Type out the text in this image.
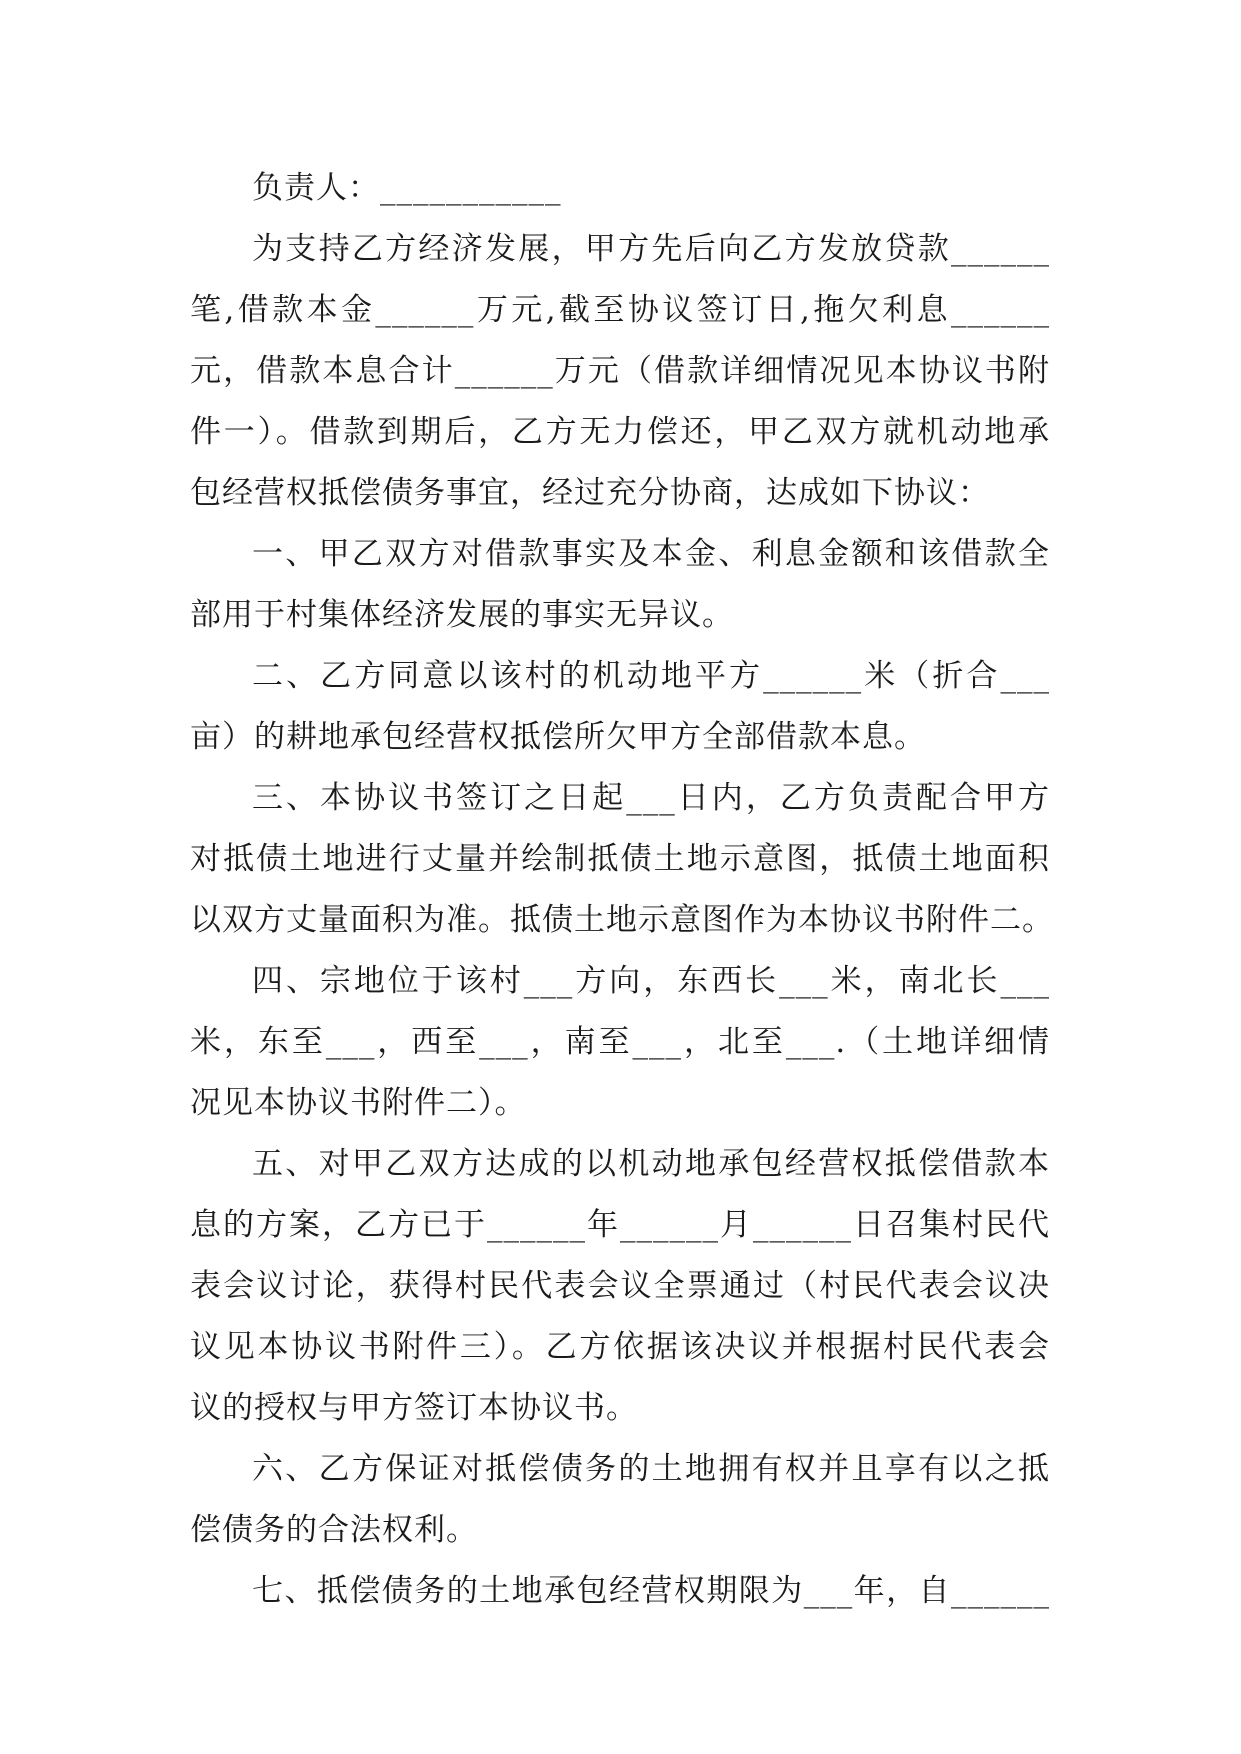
负责人：___________
为支持乙方经济发展，甲方先后向乙方发放贷款______
笔,借款本金______万元,截至协议签订日,拖欠利息______
元，借款本息合计______万元（借款详细情况见本协议书附
件一）。借款到期后，乙方无力偿还，甲乙双方就机动地承
包经营权抵偿债务事宜，经过充分协商，达成如下协议：
一、甲乙双方对借款事实及本金、利息金额和该借款全
部用于村集体经济发展的事实无异议。
二、乙方同意以该村的机动地平方______米（折合___
亩）的耕地承包经营权抵偿所欠甲方全部借款本息。
三、本协议书签订之日起___日内，乙方负责配合甲方
对抵债土地进行丈量并绘制抵债土地示意图，抵债土地面积
以双方丈量面积为准。抵债土地示意图作为本协议书附件二。
四、宗地位于该村___方向，东西长___米，南北长___
米，东至___，西至___，南至___，北至___.（土地详细情
况见本协议书附件二）。
五、对甲乙双方达成的以机动地承包经营权抵偿借款本
息的方案，乙方已于______年______月______日召集村民代
表会议讨论，获得村民代表会议全票通过（村民代表会议决
议见本协议书附件三）。乙方依据该决议并根据村民代表会
议的授权与甲方签订本协议书。
六、乙方保证对抵偿债务的土地拥有权并且享有以之抵
偿债务的合法权利。
七、抵偿债务的土地承包经营权期限为___年，自______
